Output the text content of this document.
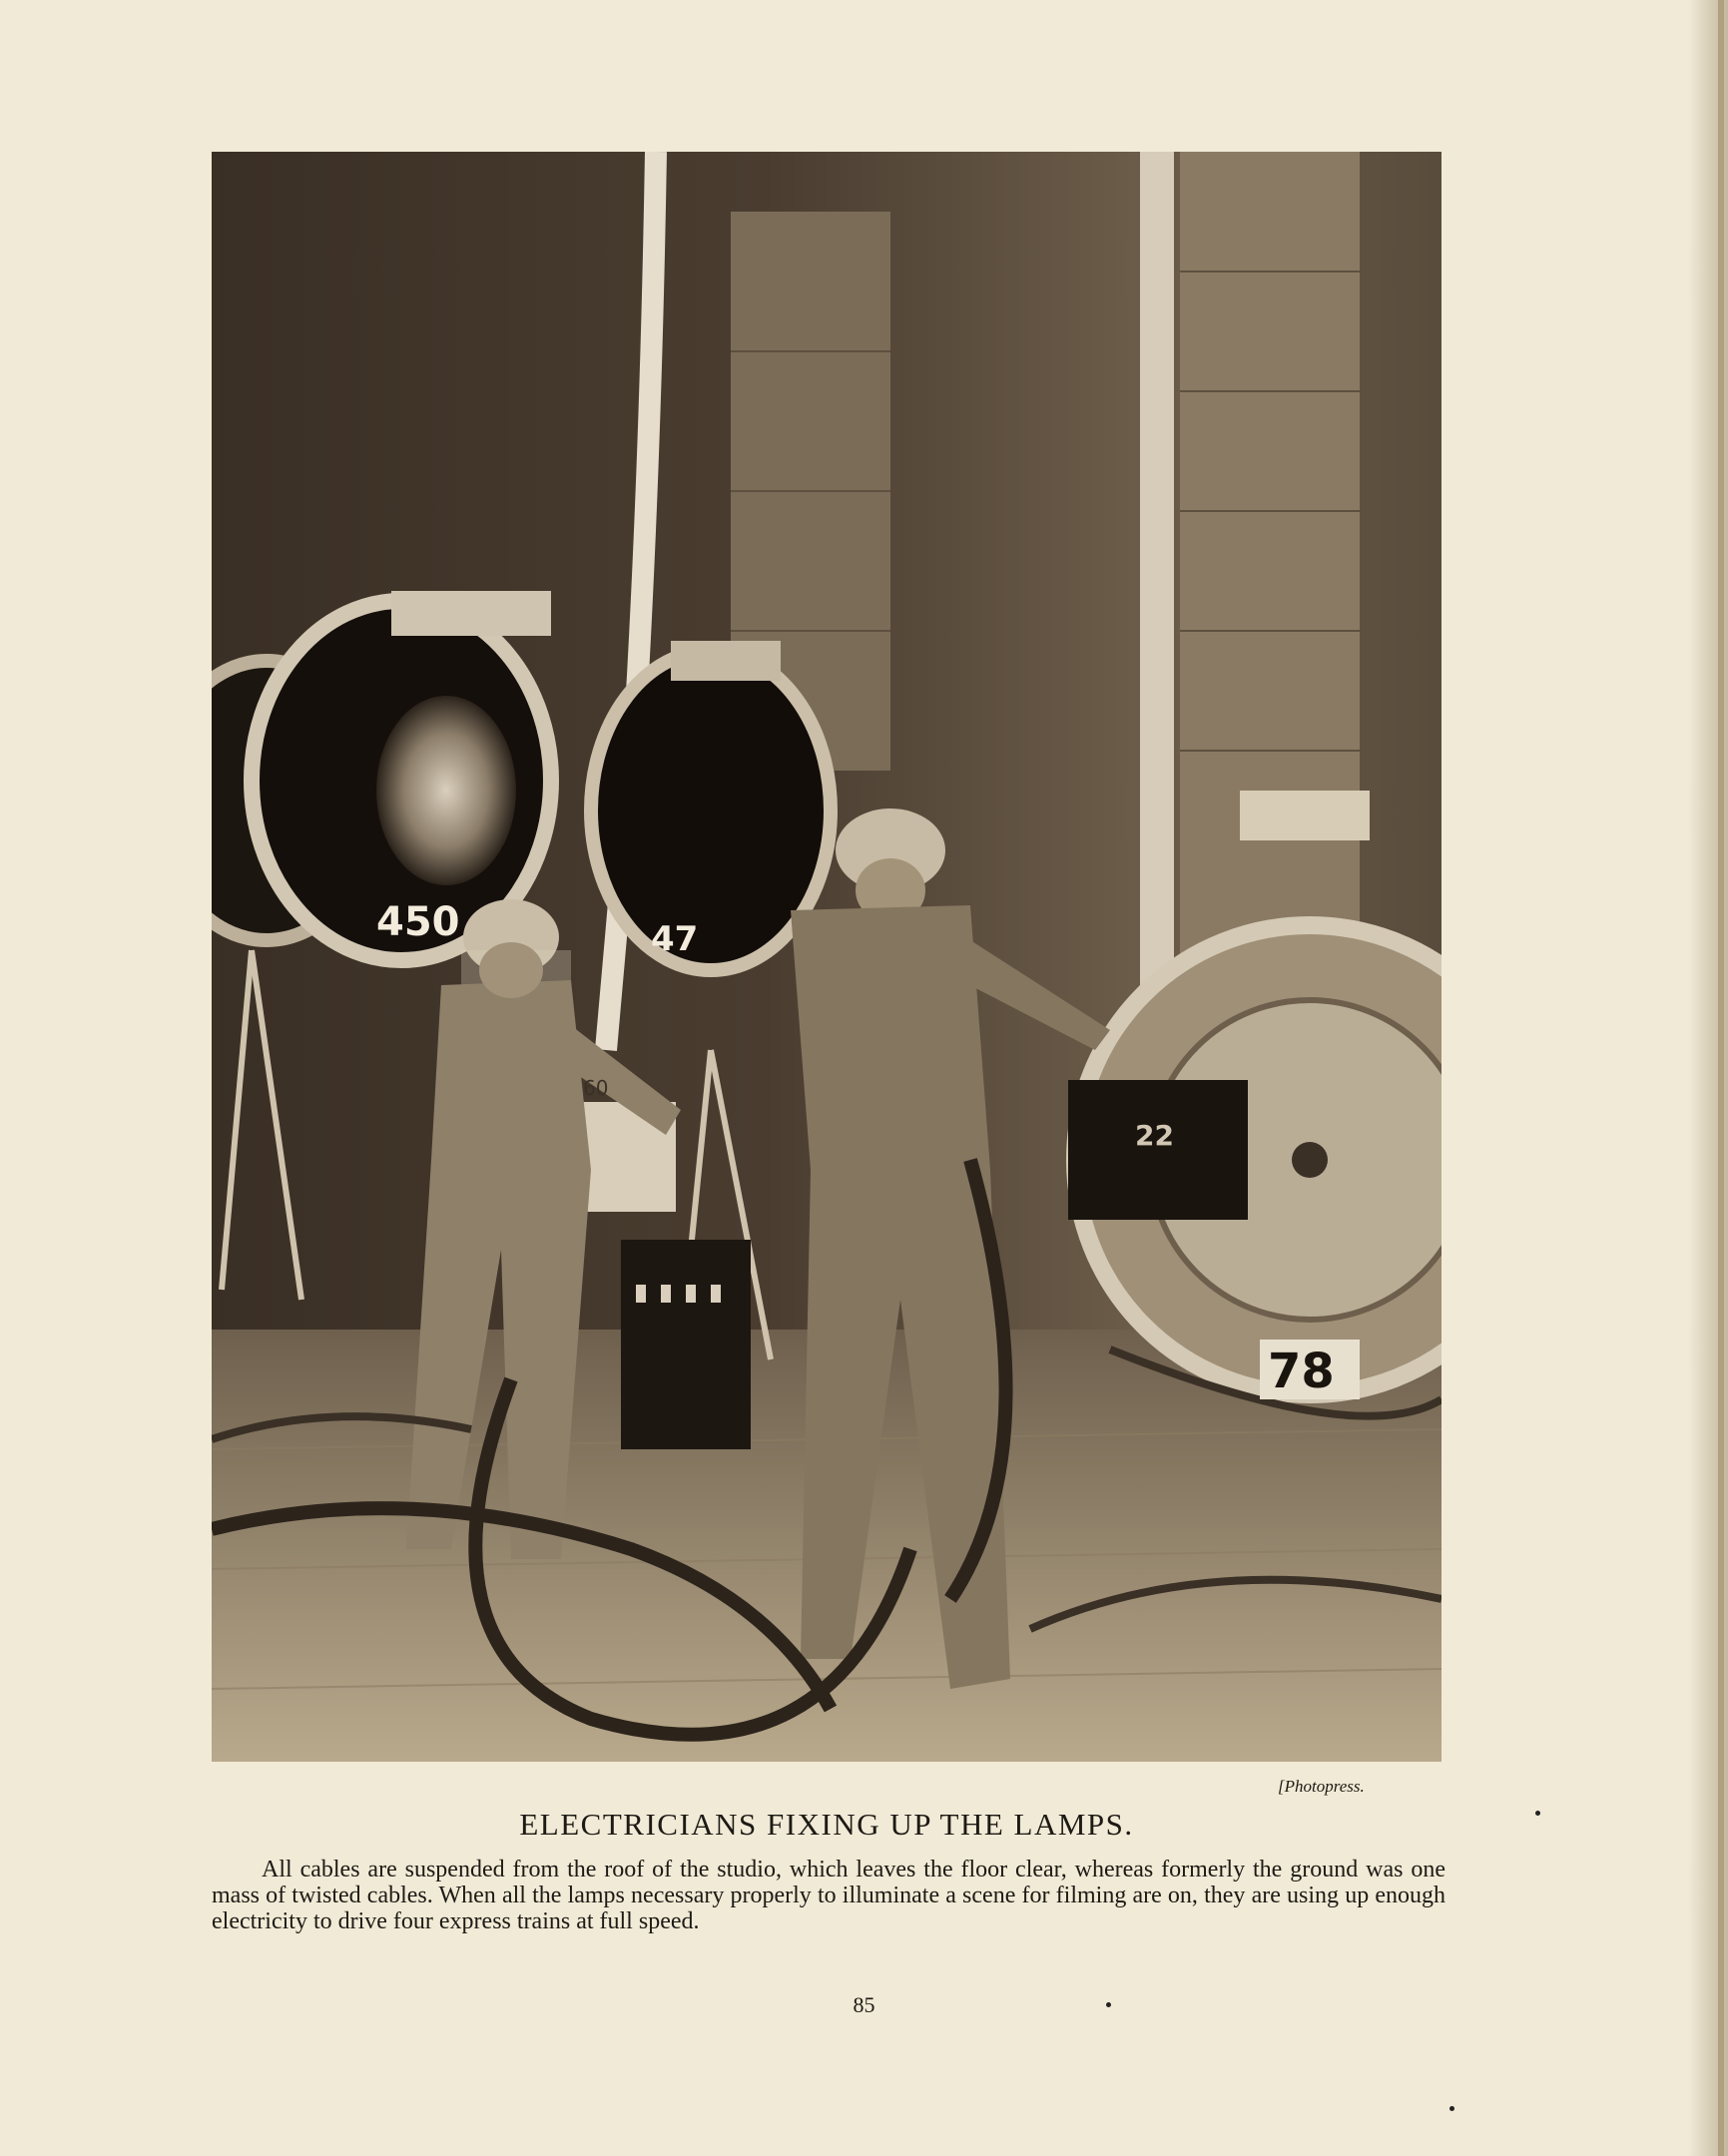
450	47
60
22
78
[Photopress.
ELECTRICIANS FIXING UP THE LAMPS.

All cables are suspended from the roof of the studio, which leaves the floor clear, whereas formerly the ground was one mass of twisted cables. When all the lamps necessary properly to illuminate a scene for filming are on, they are using up enough electricity to drive four express trains at full speed.

85
